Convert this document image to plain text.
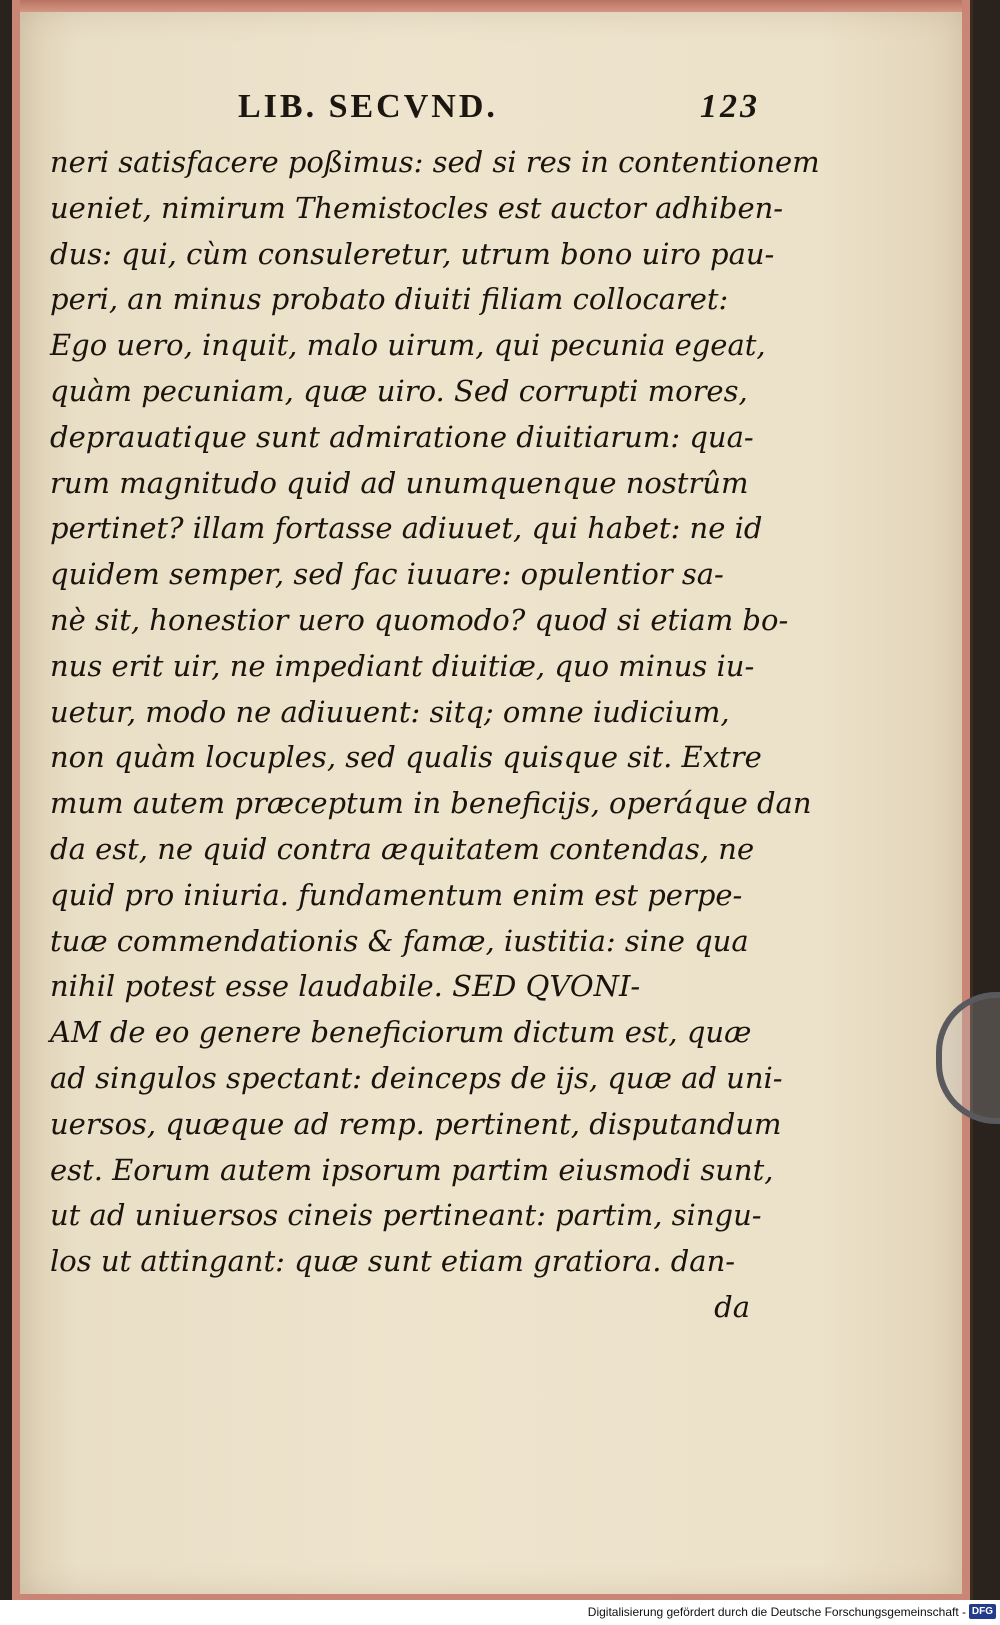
LIB. SECVND.	123
neri satisfacere poßimus: sed si res in contentionem
ueniet, nimirum Themistocles est auctor adhiben-
dus: qui, cùm consuleretur, utrum bono uiro pau-
peri, an minus probato diuiti filiam collocaret:
Ego uero, inquit, malo uirum, qui pecunia egeat,
quàm pecuniam, quæ uiro. Sed corrupti mores,
deprauatique sunt admiratione diuitiarum: qua-
rum magnitudo quid ad unumquenque nostrûm
pertinet? illam fortasse adiuuet, qui habet: ne id
quidem semper, sed fac iuuare: opulentior sa-
nè sit, honestior uero quomodo? quod si etiam bo-
nus erit uir, ne impediant diuitiæ, quo minus iu-
uetur, modo ne adiuuent: sitq; omne iudicium,
non quàm locuples, sed qualis quisque sit. Extre
mum autem præceptum in beneficijs, operáque dan
da est, ne quid contra æquitatem contendas, ne
quid pro iniuria. fundamentum enim est perpe-
tuæ commendationis & famæ, iustitia: sine qua
nihil potest esse laudabile. SED QVONI-
AM de eo genere beneficiorum dictum est, quæ
ad singulos spectant: deinceps de ijs, quæ ad uni-
uersos, quæque ad remp. pertinent, disputandum
est. Eorum autem ipsorum partim eiusmodi sunt,
ut ad uniuersos cineis pertineant: partim, singu-
los ut attingant: quæ sunt etiam gratiora. dan-
da
Digitalisierung gefördert durch die Deutsche Forschungsgemeinschaft - DFG
